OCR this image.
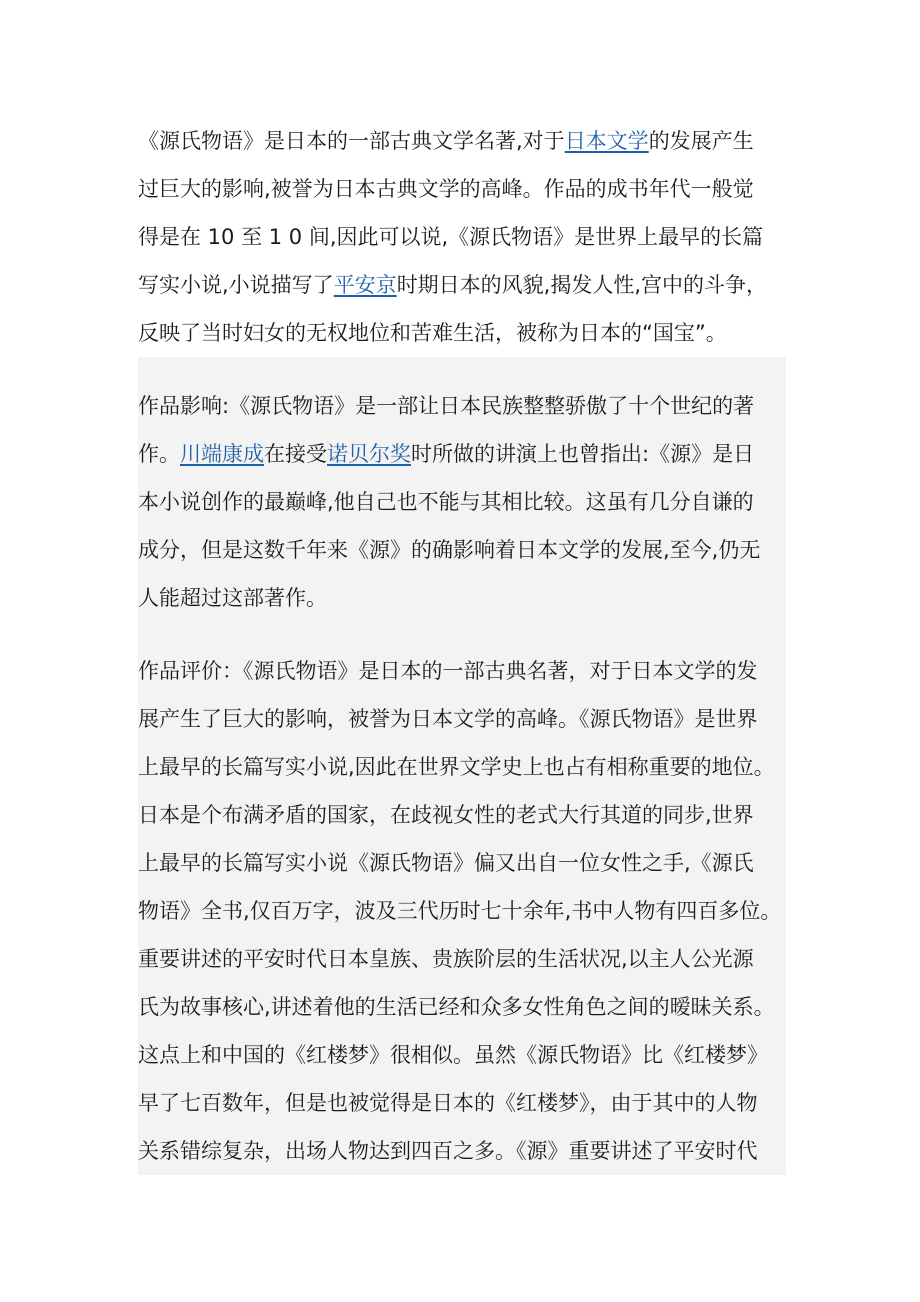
《源氏物语》是日本的一部古典文学名著,对于日本文学的发展产生
过巨大的影响,被誉为日本古典文学的高峰。作品的成书年代一般觉
得是在 10 至 1 0 间,因此可以说,《源氏物语》是世界上最早的长篇
写实小说,小说描写了平安京时期日本的风貌,揭发人性,宫中的斗争，
反映了当时妇女的无权地位和苦难生活，被称为日本的“国宝”。
作品影响:《源氏物语》是一部让日本民族整整骄傲了十个世纪的著
作。川端康成在接受诺贝尔奖时所做的讲演上也曾指出:《源》是日
本小说创作的最巅峰,他自己也不能与其相比较。这虽有几分自谦的
成分，但是这数千年来《源》的确影响着日本文学的发展,至今,仍无
人能超过这部著作。
作品评价：《源氏物语》是日本的一部古典名著，对于日本文学的发
展产生了巨大的影响，被誉为日本文学的高峰。《源氏物语》是世界
上最早的长篇写实小说,因此在世界文学史上也占有相称重要的地位。
日本是个布满矛盾的国家，在歧视女性的老式大行其道的同步,世界
上最早的长篇写实小说《源氏物语》偏又出自一位女性之手,《源氏
物语》全书,仅百万字，波及三代历时七十余年,书中人物有四百多位。
重要讲述的平安时代日本皇族、贵族阶层的生活状况,以主人公光源
氏为故事核心,讲述着他的生活已经和众多女性角色之间的暧昧关系。
这点上和中国的《红楼梦》很相似。虽然《源氏物语》比《红楼梦》
早了七百数年，但是也被觉得是日本的《红楼梦》，由于其中的人物
关系错综复杂，出场人物达到四百之多。《源》重要讲述了平安时代
